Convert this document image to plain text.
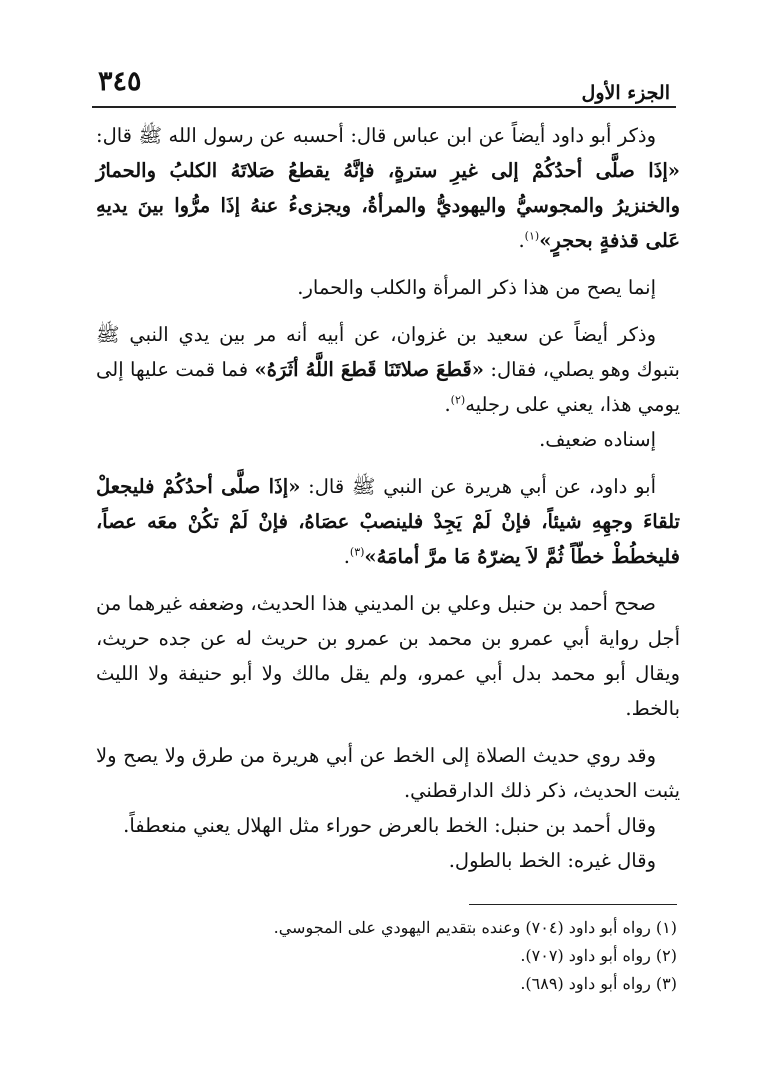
٣٤٥	الجزء الأول

وذكر أبو داود أيضاً عن ابن عباس قال: أحسبه عن رسول الله ﷺ قال: «إذَا صلَّى أحدُكُمْ إلى غيرِ سترةٍ، فإنَّهُ يقطعُ صَلاتَهُ الكلبُ والحمارُ والخنزيرُ والمجوسيُّ واليهوديُّ والمرأةُ، ويجزىءُ عنهُ إذَا مرُّوا بينَ يديهِ عَلى قذفةٍ بحجرٍ»$^{(١)}$.

إنما يصح من هذا ذكر المرأة والكلب والحمار.

وذكر أيضاً عن سعيد بن غزوان، عن أبيه أنه مر بين يدي النبي ﷺ بتبوك وهو يصلي، فقال: «قَطعَ صلاتَنَا قَطعَ اللَّهُ أثَرَهُ» فما قمت عليها إلى يومي هذا، يعني على رجليه$^{(٢)}$.

إسناده ضعيف.

أبو داود، عن أبي هريرة عن النبي ﷺ قال: «إذَا صلَّى أحدُكُمْ فليجعلْ تلقاءَ وجهِهِ شيئاً، فإنْ لَمْ يَجِدْ فلينصبْ عصَاهُ، فإنْ لَمْ تكُنْ معَه عصاً، فليخطُطْ خطّاً ثُمَّ لاَ يضرّهُ مَا مرَّ أمامَهُ»$^{(٣)}$.

صحح أحمد بن حنبل وعلي بن المديني هذا الحديث، وضعفه غيرهما من أجل رواية أبي عمرو بن محمد بن عمرو بن حريث له عن جده حريث، ويقال أبو محمد بدل أبي عمرو، ولم يقل مالك ولا أبو حنيفة ولا الليث بالخط.

وقد روي حديث الصلاة إلى الخط عن أبي هريرة من طرق ولا يصح ولا يثبت الحديث، ذكر ذلك الدارقطني.

وقال أحمد بن حنبل: الخط بالعرض حوراء مثل الهلال يعني منعطفاً.

وقال غيره: الخط بالطول.

(١) رواه أبو داود (٧٠٤) وعنده بتقديم اليهودي على المجوسي.
(٢) رواه أبو داود (٧٠٧).
(٣) رواه أبو داود (٦٨٩).
